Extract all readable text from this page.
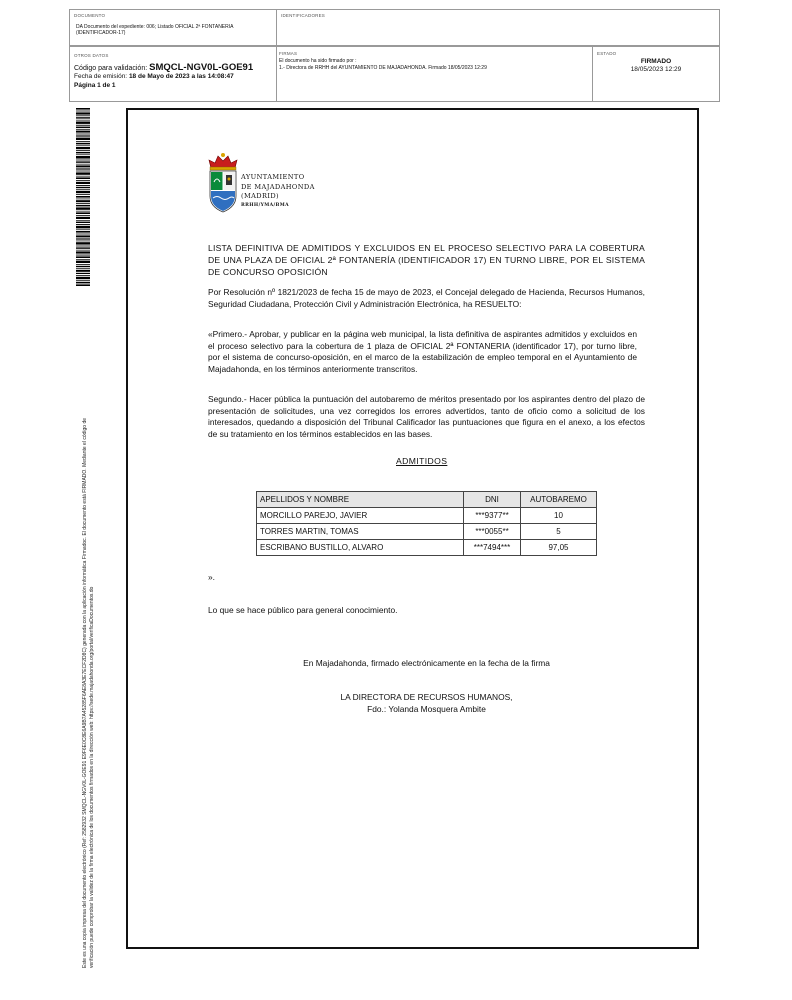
DOCUMENTO
DA Documento del expediente: 006; Listado OFICIAL 2ª FONTANERIA (IDENTIFICADOR-17)
IDENTIFICADORES
OTROS DATOS
Código para validación: SMQCL-NGV0L-GOE91
Fecha de emisión: 18 de Mayo de 2023 a las 14:08:47
Página 1 de 1
FIRMAS
El documento ha sido firmado por :
1.- Directora de RRHH del AYUNTAMIENTO DE MAJADAHONDA. Firmado 18/05/2023 12:29
ESTADO
FIRMADO
18/05/2023 12:29
Este es una copia impresa del documento electrónico (Ref: 2582932 SMQCL-NGV0L-GOE91 E9F6E0C8E6A9B7A45285F6AE8A3E7ECF2D8C) generada con la aplicación informática Firmadoc. El documento está FIRMADO. Mediante el código de verificación puede comprobar la validez de la firma electrónica de los documentos firmados en la dirección web: https://sede.majadahonda.org/portal/verificaDocumentos.do
AYUNTAMIENTO
DE MAJADAHONDA
(MADRID)
RRHH/YMA/BMA
LISTA DEFINITIVA DE ADMITIDOS Y EXCLUIDOS EN EL PROCESO SELECTIVO PARA LA COBERTURA DE UNA PLAZA DE OFICIAL 2ª FONTANERÍA (IDENTIFICADOR 17) EN TURNO LIBRE, POR EL SISTEMA DE CONCURSO OPOSICIÓN
Por Resolución nº 1821/2023 de fecha 15 de mayo de 2023, el Concejal delegado de Hacienda, Recursos Humanos, Seguridad Ciudadana, Protección Civil y Administración Electrónica, ha RESUELTO:
«Primero.- Aprobar, y publicar en la página web municipal, la lista definitiva de aspirantes admitidos y excluidos en el proceso selectivo para la cobertura de 1 plaza de OFICIAL 2ª FONTANERIA (identificador 17), por turno libre, por el sistema de concurso-oposición, en el marco de la estabilización de empleo temporal en el Ayuntamiento de Majadahonda, en los términos anteriormente transcritos.
Segundo.- Hacer pública la puntuación del autobaremo de méritos presentado por los aspirantes dentro del plazo de presentación de solicitudes, una vez corregidos los errores advertidos, tanto de oficio como a solicitud de los interesados, quedando a disposición del Tribunal Calificador las puntuaciones que figura en el anexo, a los efectos de su tratamiento en los términos establecidos en las bases.
ADMITIDOS
APELLIDOS Y NOMBRE	DNI	AUTOBAREMO
MORCILLO PAREJO, JAVIER	***9377**	10
TORRES MARTIN, TOMAS	***0055**	5
ESCRIBANO BUSTILLO, ALVARO	***7494***	97,05
».
Lo que se hace público para general conocimiento.
En Majadahonda, firmado electrónicamente en la fecha de la firma
LA DIRECTORA DE RECURSOS HUMANOS,
Fdo.: Yolanda Mosquera Ambite
